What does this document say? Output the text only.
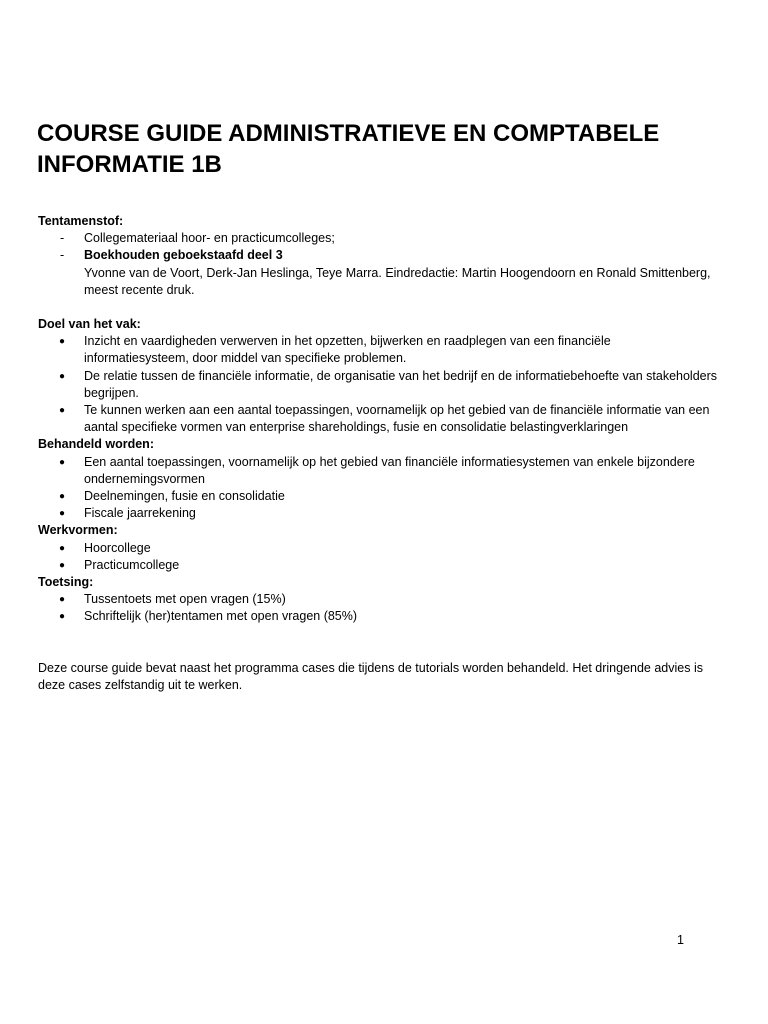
COURSE GUIDE ADMINISTRATIEVE EN COMPTABELE INFORMATIE 1B

Tentamenstof:

- Collegemateriaal hoor- en practicumcolleges;
- Boekhouden geboekstaafd deel 3
Yvonne van de Voort, Derk-Jan Heslinga, Teye Marra. Eindredactie: Martin Hoogendoorn en Ronald Smittenberg, meest recente druk.

Doel van het vak:

● Inzicht en vaardigheden verwerven in het opzetten, bijwerken en raadplegen van een financiële informatiesysteem, door middel van specifieke problemen.
● De relatie tussen de financiële informatie, de organisatie van het bedrijf en de informatiebehoefte van stakeholders begrijpen.
● Te kunnen werken aan een aantal toepassingen, voornamelijk op het gebied van de financiële informatie van een aantal specifieke vormen van enterprise shareholdings, fusie en consolidatie belastingverklaringen

Behandeld worden:

● Een aantal toepassingen, voornamelijk op het gebied van financiële informatiesystemen van enkele bijzondere ondernemingsvormen
● Deelnemingen, fusie en consolidatie
● Fiscale jaarrekening

Werkvormen:

● Hoorcollege
● Practicumcollege

Toetsing:

● Tussentoets met open vragen (15%)
● Schriftelijk (her)tentamen met open vragen (85%)

Deze course guide bevat naast het programma cases die tijdens de tutorials worden behandeld. Het dringende advies is deze cases zelfstandig uit te werken.

1
